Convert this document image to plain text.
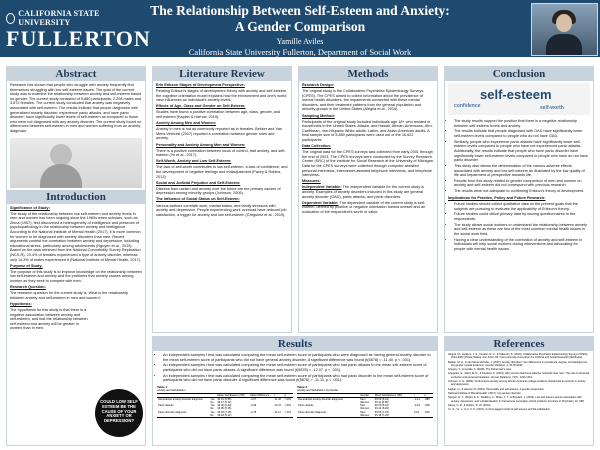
CALIFORNIA STATE UNIVERSITY
FULLERTON
The Relationship Between Self-Esteem and Anxiety:
A Gender Comparison
Yamille Aviles
California State University Fullerton, Department of Social Work
Abstract
Research has shown that people who struggle with anxiety frequently find themselves struggling with low self-esteem issues. The goal of the current study was to examine the relationship between anxiety and self-esteem based on gender. The current study consisted of 5,880 participants; 2,208 males and 3,672 females. The current study concluded that anxiety was negatively associated with self-esteem. The results indicate that people diagnosed with generalized anxiety disorder, experience panic attacks, and have panic disorder; have significantly lower levels of self-esteem as compared to those who were not diagnosed with any anxiety disorder. The current study found no differences between self-esteem in men and women suffering from an anxiety diagnosis.
Introduction

Significance of Study:

The study of the relationship between low self-esteem and anxiety levels in men and women has been ongoing since the 1960s when scholars, such as Zinna (1957), first discovered a heterogeneity of intelligence and presence of psychopathology in the relationship between anxiety and intelligence. According to the National Institute of Mental Health (2017), it is more common for women to be diagnosed with anxiety disorders than men. Recent arguments contest the correlation between anxiety and depression, including educational stress, particularly among adolescents (Nguyen et al., 2019). Based on the data retrieved from the National Comorbidity Survey Replication (NCS-R), 23.4% of females experienced a type of anxiety disorder, whereas only 14.3% of males experienced it (National Institute of Mental Health, 2017).

Purpose of Study:

The purpose of this study is to improve knowledge on the relationship between low self-esteem and anxiety and the problems that anxiety causes among women as they seek to compete with men.

Research Question:

The research question for the current study is: What is the relationship between anxiety and self-esteem in men and women?

Hypothesis:

The hypothesis for this study is that there is a negative association between anxiety and self-esteem, and that the relationship between self-esteem and anxiety will be greater in women than in men.

COULD LOW SELF ESTEEM BE THE CAUSE OF YOUR ANXIETY OR DEPRESSION?
Literature Review

Erik Erikson Stages of Development Perspective:

Relating Erikson's stages of development theory with anxiety and self-esteem, the cognitive orientation model explains how the environment and one's world view influences an individual's anxiety levels.

Effects of Age, Class and Gender on Self-Esteem:

Studies have found a positive correlation between age, class, gender, and self-esteem (Kaplan & Harrow, 2019).

Anxiety Among Men and Women:

Anxiety in men is not as commonly reported as in females. Bekker and Van Mens-Verhulst (2007) reported a correlation between gender roles and anxiety.

Personality and Anxiety Among Men and Women:

There is a positive correlation between locus of control, trait anxiety, and self-esteem (Ye et al., 2017).

Self-Worth, Anxiety and Low Self-Esteem:

The lack of self-worth contributes to low self-esteem, a lack of confidence, and the development of negative feelings and maladjustment (Pacey & Robins, 2013).

Social and Judicial Prejudice and Self-Esteem:

Distress from racism and anxiety over the future are the primary causes of depression among minority groups (Johnson, 2006).

The Influence of Social Status on Self-Esteem:

Various authors correlate work, marital status, and family stressors with anxiety and depression. People experiencing work overload have reduced job satisfaction, a trigger for anxiety and low self-esteem (Greguletz et al., 2019).

Methods

Research Design:

The original study is the Collaborative Psychiatric Epidemiology Surveys (CPES). The CPES aimed to collect information about the prevalence of mental health disorders, the impairments connected with these mental disorders, and their treatment patterns from the general population and minority groups in the United States (Alegria et al., 2016).

Sampling Method:

Participants of the original study included individuals age 18+ who resided in households in the United States, Alaska, and Hawaii, African-Americans, Afro-Caribbean, non-Hispanic White adults, Latinx, and Asian-American adults. A final sample size of 5,880 participants were used out of the 16,622 participants.

Data Collection:

The original data for the CPES surveys was collected from early 2001 through the end of 2003. The CPES surveys were conducted by the Survey Research Center (SRC) of the Institute for Social Research at the University of Michigan. Data for the CPES surveys were collected through computer-assisted personal interviews, interviewer-assisted telephone interviews, and telephone interviews.

Measures:

Independent Variable: The independent variable for the current study is anxiety. Examples of anxiety disorders included in this study are general anxiety disorder (GAD), panic attacks, and panic disorders.

Dependent Variable: The dependent variable of the current study is self-esteem, defined by positive or negative orientation toward oneself and an evaluation of the respondent's worth or value.

Conclusion
self-esteem
confidence	self-worth
• The study results support the position that there is a negative relationship between self-esteem levels and anxiety.
• The results indicate that people diagnosed with GAD have significantly lower self-esteem levels compared to people who do not have GAD.
• Similarly, people who experience panic attacks have significantly lower self-esteem levels compared to people who have not experienced panic attacks. Additionally, the results indicate that people who have panic disorder have significantly lower self-esteem levels compared to people who have do not have panic disorder.
• This study also allows the determination of the various adverse effects associated with anxiety and low self-esteem as illustrated by the low quality of life and impairment of perspective towards life.
• Results from this study related to gender comparison of men and women on anxiety and self-esteem did not correspond with previous research.
• The results were not adequate to confirming Erikson's theory of development.

Implications for Practice, Policy and Future Research:

• Future studies should collect qualitative data on the present goals that the subjects are pursuing to evaluate the applicability of Erikson's theory.
• Future studies could utilize primary data by issuing questionnaires to the respondents.
• The study allows social workers to understand the relationship between anxiety and self-esteem as these are two of the most common mental health issues in the social work field.
• Having a clear understanding of the correlation of anxiety and self-esteem in individuals will help social workers during interventions and advocating for people with mental health issues.
Results
• An independent-samples t test was calculated comparing the mean self-esteem score of participants who were diagnosed as having general anxiety disorder to the mean self-esteem score of participants who did not have general anxiety disorder. A significant difference was found (t(5878) = -11.40, p < .001).
• An independent-samples t test was calculated comparing the mean self-esteem score of participants who had panic attacks to the mean self-esteem score of participants who did not have panic attacks. A significant difference was found (t(5878) = -12.07, p < .001).
• An independent-samples t test was calculated comparing the mean self-esteem score of participants who had panic disorder to the mean self-esteem score of participants who did not have panic disorder. A significant difference was found (t(5878) = -11.11, p < .001).
Table 1
Anxiety and Self-Esteem
		Mean Self-Esteem (SD)	Mean Difference	t	p
Generalized anxiety disorder diagnosis	Yes	36.10 (6.56)	-3.07	-11.40	<.001
	No	39.17 (5.12)			
Panic attacks	Yes	36.40 (6.20)	-2.69	-12.07	<.001
	No	39.09 (5.16)			
Panic disorder diagnosis	Yes	35.43 (7.18)	-3.75	-11.11	<.001
	No	39.18 (5.12)			
Table 2
Anxiety and Self-Esteem by Gender
	Gender	Mean Self-Esteem (SD)	t	p
Generalized anxiety disorder diagnosis	Men	36.09 (6.44)	-0.14	.889
	Women	36.11 (6.56)		
Panic attacks	Men	36.29 (6.10)	-0.23	.818
	Women	36.44 (6.26)		
Panic disorder diagnosis	Men	35.55 (7.15)	0.24	.810
	Women	35.38 (7.22)		
References

Alegria, M., Jackson, J. S., Kessler, R. C., & Takeuchi, D. (2016). Collaborative Psychiatric Epidemiology Surveys (CPES), 2001-2003 [United States]. Ann Arbor, MI: Inter-university Consortium for Political and Social Research [distributor].

Bekker, M. H., & van Mens-Verhulst, J. (2007). Anxiety disorders: Sex differences in prevalence, degree, and background, but gender-neutral treatment. Gender Medicine, 4, S178-S193.

Gregory, T., & Gentile, F. (2018). The Fisherman's cave.

Greguletz, E., Diehl, M. R., & Kreutzer, K. (2019). Why women build less effective networks than men: The role of structural exclusion and personal hesitation. Human Relations, 72(7), 1234-1261.

Johnson, A. G. (2006). Performance anxiety among African-American college students: Racial bias as a factor in anxiety and depression.

Kaplan, H., & Harrow, M. (2019). Personality and self-esteem: A gender perspective.

National Institute of Mental Health. (2017). Any anxiety disorder.

Nguyen, D. T., Wright, E. P., Dedding, C., Pham, T. T., & Bunders, J. (2019). Low self-esteem and its association with anxiety, depression, and suicidal ideation in Vietnamese secondary school students. Frontiers in Psychiatry, 10, 698.

Pacey, C. R., & Robins, R. W. (2013).

Ye, S., Yu, L., & Li, K. K. (2017). A cross-lagged model of self-esteem and life satisfaction.
